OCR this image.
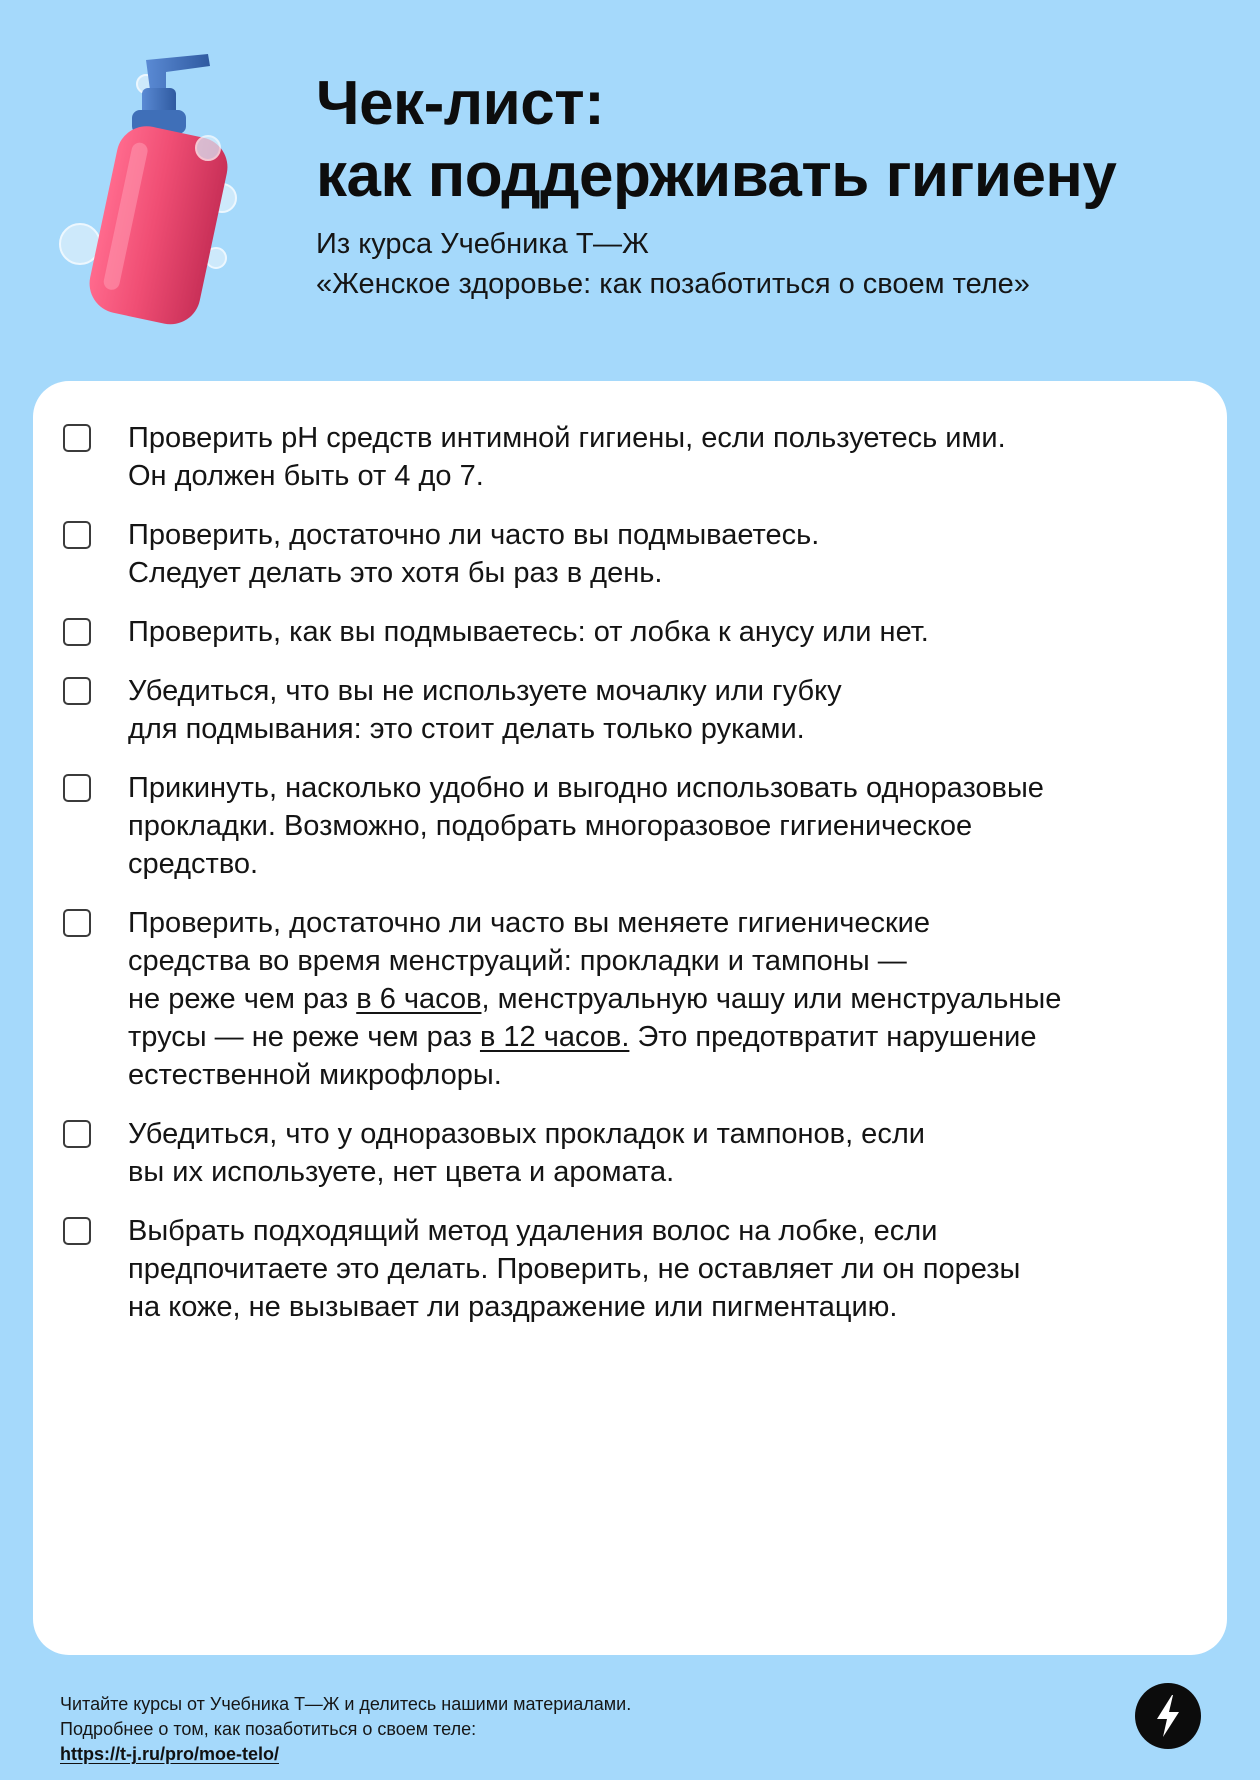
Чек-лист:
как поддерживать гигиену
Из курса Учебника Т—Ж
«Женское здоровье: как позаботиться о своем теле»
Проверить pH средств интимной гигиены, если пользуетесь ими.
Он должен быть от 4 до 7.
Проверить, достаточно ли часто вы подмываетесь.
Следует делать это хотя бы раз в день.
Проверить, как вы подмываетесь: от лобка к анусу или нет.
Убедиться, что вы не используете мочалку или губку
для подмывания: это стоит делать только руками.
Прикинуть, насколько удобно и выгодно использовать одноразовые
прокладки. Возможно, подобрать многоразовое гигиеническое
средство.
Проверить, достаточно ли часто вы меняете гигиенические
средства во время менструаций: прокладки и тампоны —
не реже чем раз в 6 часов, менструальную чашу или менструальные
трусы — не реже чем раз в 12 часов. Это предотвратит нарушение
естественной микрофлоры.
Убедиться, что у одноразовых прокладок и тампонов, если
вы их используете, нет цвета и аромата.
Выбрать подходящий метод удаления волос на лобке, если
предпочитаете это делать. Проверить, не оставляет ли он порезы
на коже, не вызывает ли раздражение или пигментацию.
Читайте курсы от Учебника Т—Ж и делитесь нашими материалами.
Подробнее о том, как позаботиться о своем теле:
https://t-j.ru/pro/moe-telo/
